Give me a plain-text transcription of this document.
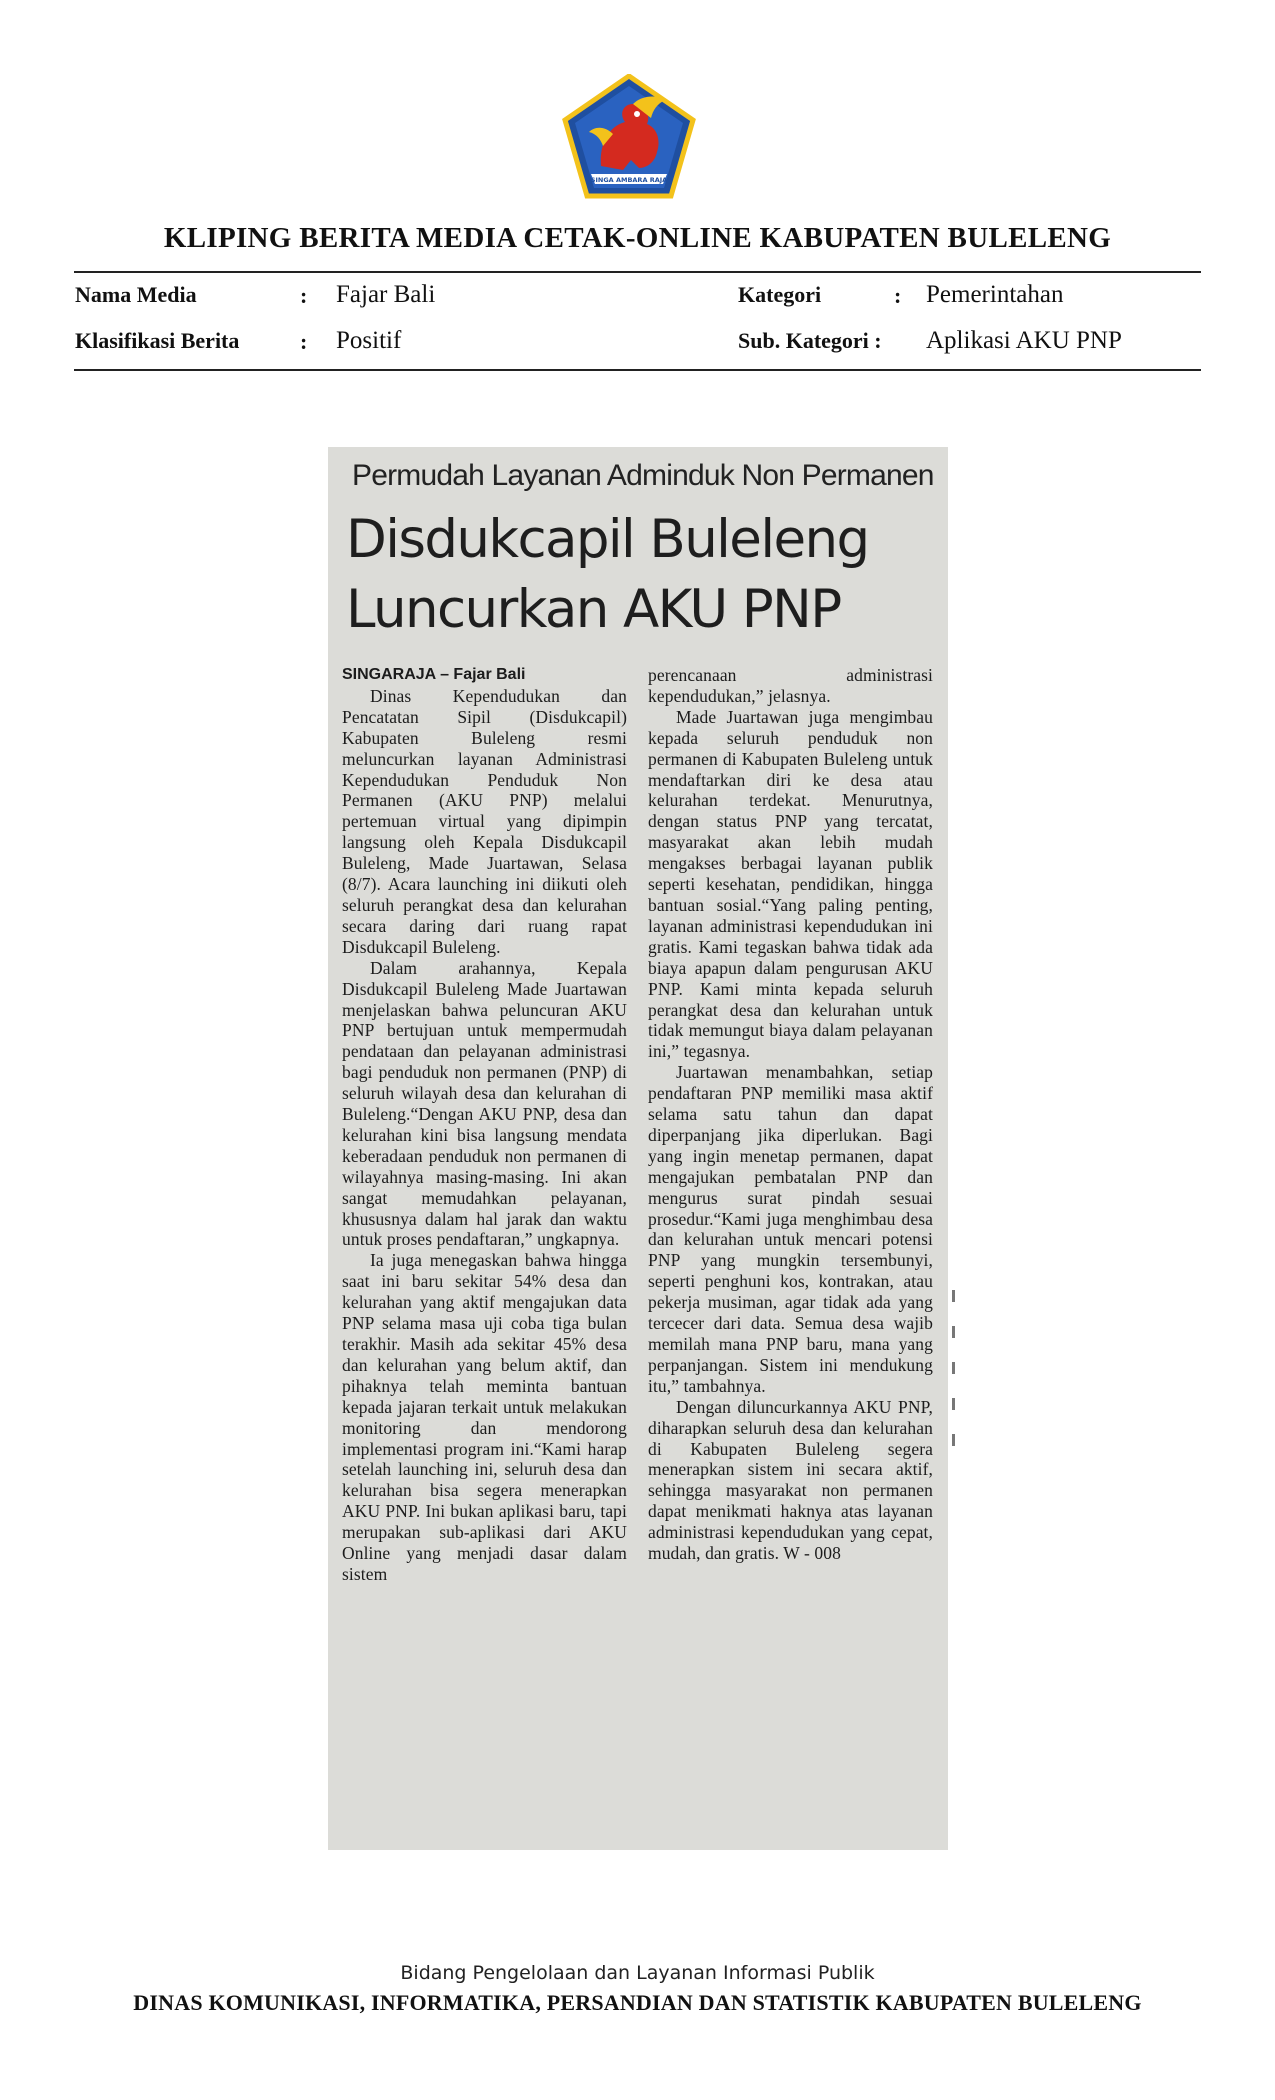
SINGA AMBARA RAJA
KLIPING BERITA MEDIA CETAK-ONLINE KABUPATEN BULELENG
Nama Media	: Fajar Bali	Kategori	: Pemerintahan
Klasifikasi Berita	: Positif	Sub. Kategori : Aplikasi AKU PNP
Permudah Layanan Adminduk Non Permanen
Disdukcapil Buleleng
Luncurkan AKU PNP
SINGARAJA – Fajar Bali

Dinas Kependudukan dan Pencatatan Sipil (Disdukcapil) Kabupaten Buleleng resmi meluncurkan layanan Administrasi Kependudukan Penduduk Non Permanen (AKU PNP) melalui pertemuan virtual yang dipimpin langsung oleh Kepala Disdukcapil Buleleng, Made Juartawan, Selasa (8/7). Acara launching ini diikuti oleh seluruh perangkat desa dan kelurahan secara daring dari ruang rapat Disdukcapil Buleleng.

Dalam arahannya, Kepala Disdukcapil Buleleng Made Juartawan menjelaskan bahwa peluncuran AKU PNP bertujuan untuk mempermudah pendataan dan pelayanan administrasi bagi penduduk non permanen (PNP) di seluruh wilayah desa dan kelurahan di Buleleng.“Dengan AKU PNP, desa dan kelurahan kini bisa langsung mendata keberadaan penduduk non permanen di wilayahnya masing-masing. Ini akan sangat memudahkan pelayanan, khususnya dalam hal jarak dan waktu untuk proses pendaftaran,” ungkapnya.

Ia juga menegaskan bahwa hingga saat ini baru sekitar 54% desa dan kelurahan yang aktif mengajukan data PNP selama masa uji coba tiga bulan terakhir. Masih ada sekitar 45% desa dan kelurahan yang belum aktif, dan pihaknya telah meminta bantuan kepada jajaran terkait untuk melakukan monitoring dan mendorong implementasi program ini.“Kami harap setelah launching ini, seluruh desa dan kelurahan bisa segera menerapkan AKU PNP. Ini bukan aplikasi baru, tapi merupakan sub-aplikasi dari AKU Online yang menjadi dasar dalam sistem

perencanaan administrasi kependudukan,” jelasnya.

Made Juartawan juga mengimbau kepada seluruh penduduk non permanen di Kabupaten Buleleng untuk mendaftarkan diri ke desa atau kelurahan terdekat. Menurutnya, dengan status PNP yang tercatat, masyarakat akan lebih mudah mengakses berbagai layanan publik seperti kesehatan, pendidikan, hingga bantuan sosial.“Yang paling penting, layanan administrasi kependudukan ini gratis. Kami tegaskan bahwa tidak ada biaya apapun dalam pengurusan AKU PNP. Kami minta kepada seluruh perangkat desa dan kelurahan untuk tidak memungut biaya dalam pelayanan ini,” tegasnya.

Juartawan menambahkan, setiap pendaftaran PNP memiliki masa aktif selama satu tahun dan dapat diperpanjang jika diperlukan. Bagi yang ingin menetap permanen, dapat mengajukan pembatalan PNP dan mengurus surat pindah sesuai prosedur.“Kami juga menghimbau desa dan kelurahan untuk mencari potensi PNP yang mungkin tersembunyi, seperti penghuni kos, kontrakan, atau pekerja musiman, agar tidak ada yang tercecer dari data. Semua desa wajib memilah mana PNP baru, mana yang perpanjangan. Sistem ini mendukung itu,” tambahnya.

Dengan diluncurkannya AKU PNP, diharapkan seluruh desa dan kelurahan di Kabupaten Buleleng segera menerapkan sistem ini secara aktif, sehingga masyarakat non permanen dapat menikmati haknya atas layanan administrasi kependudukan yang cepat, mudah, dan gratis. W - 008

Bidang Pengelolaan dan Layanan Informasi Publik
DINAS KOMUNIKASI, INFORMATIKA, PERSANDIAN DAN STATISTIK KABUPATEN BULELENG
